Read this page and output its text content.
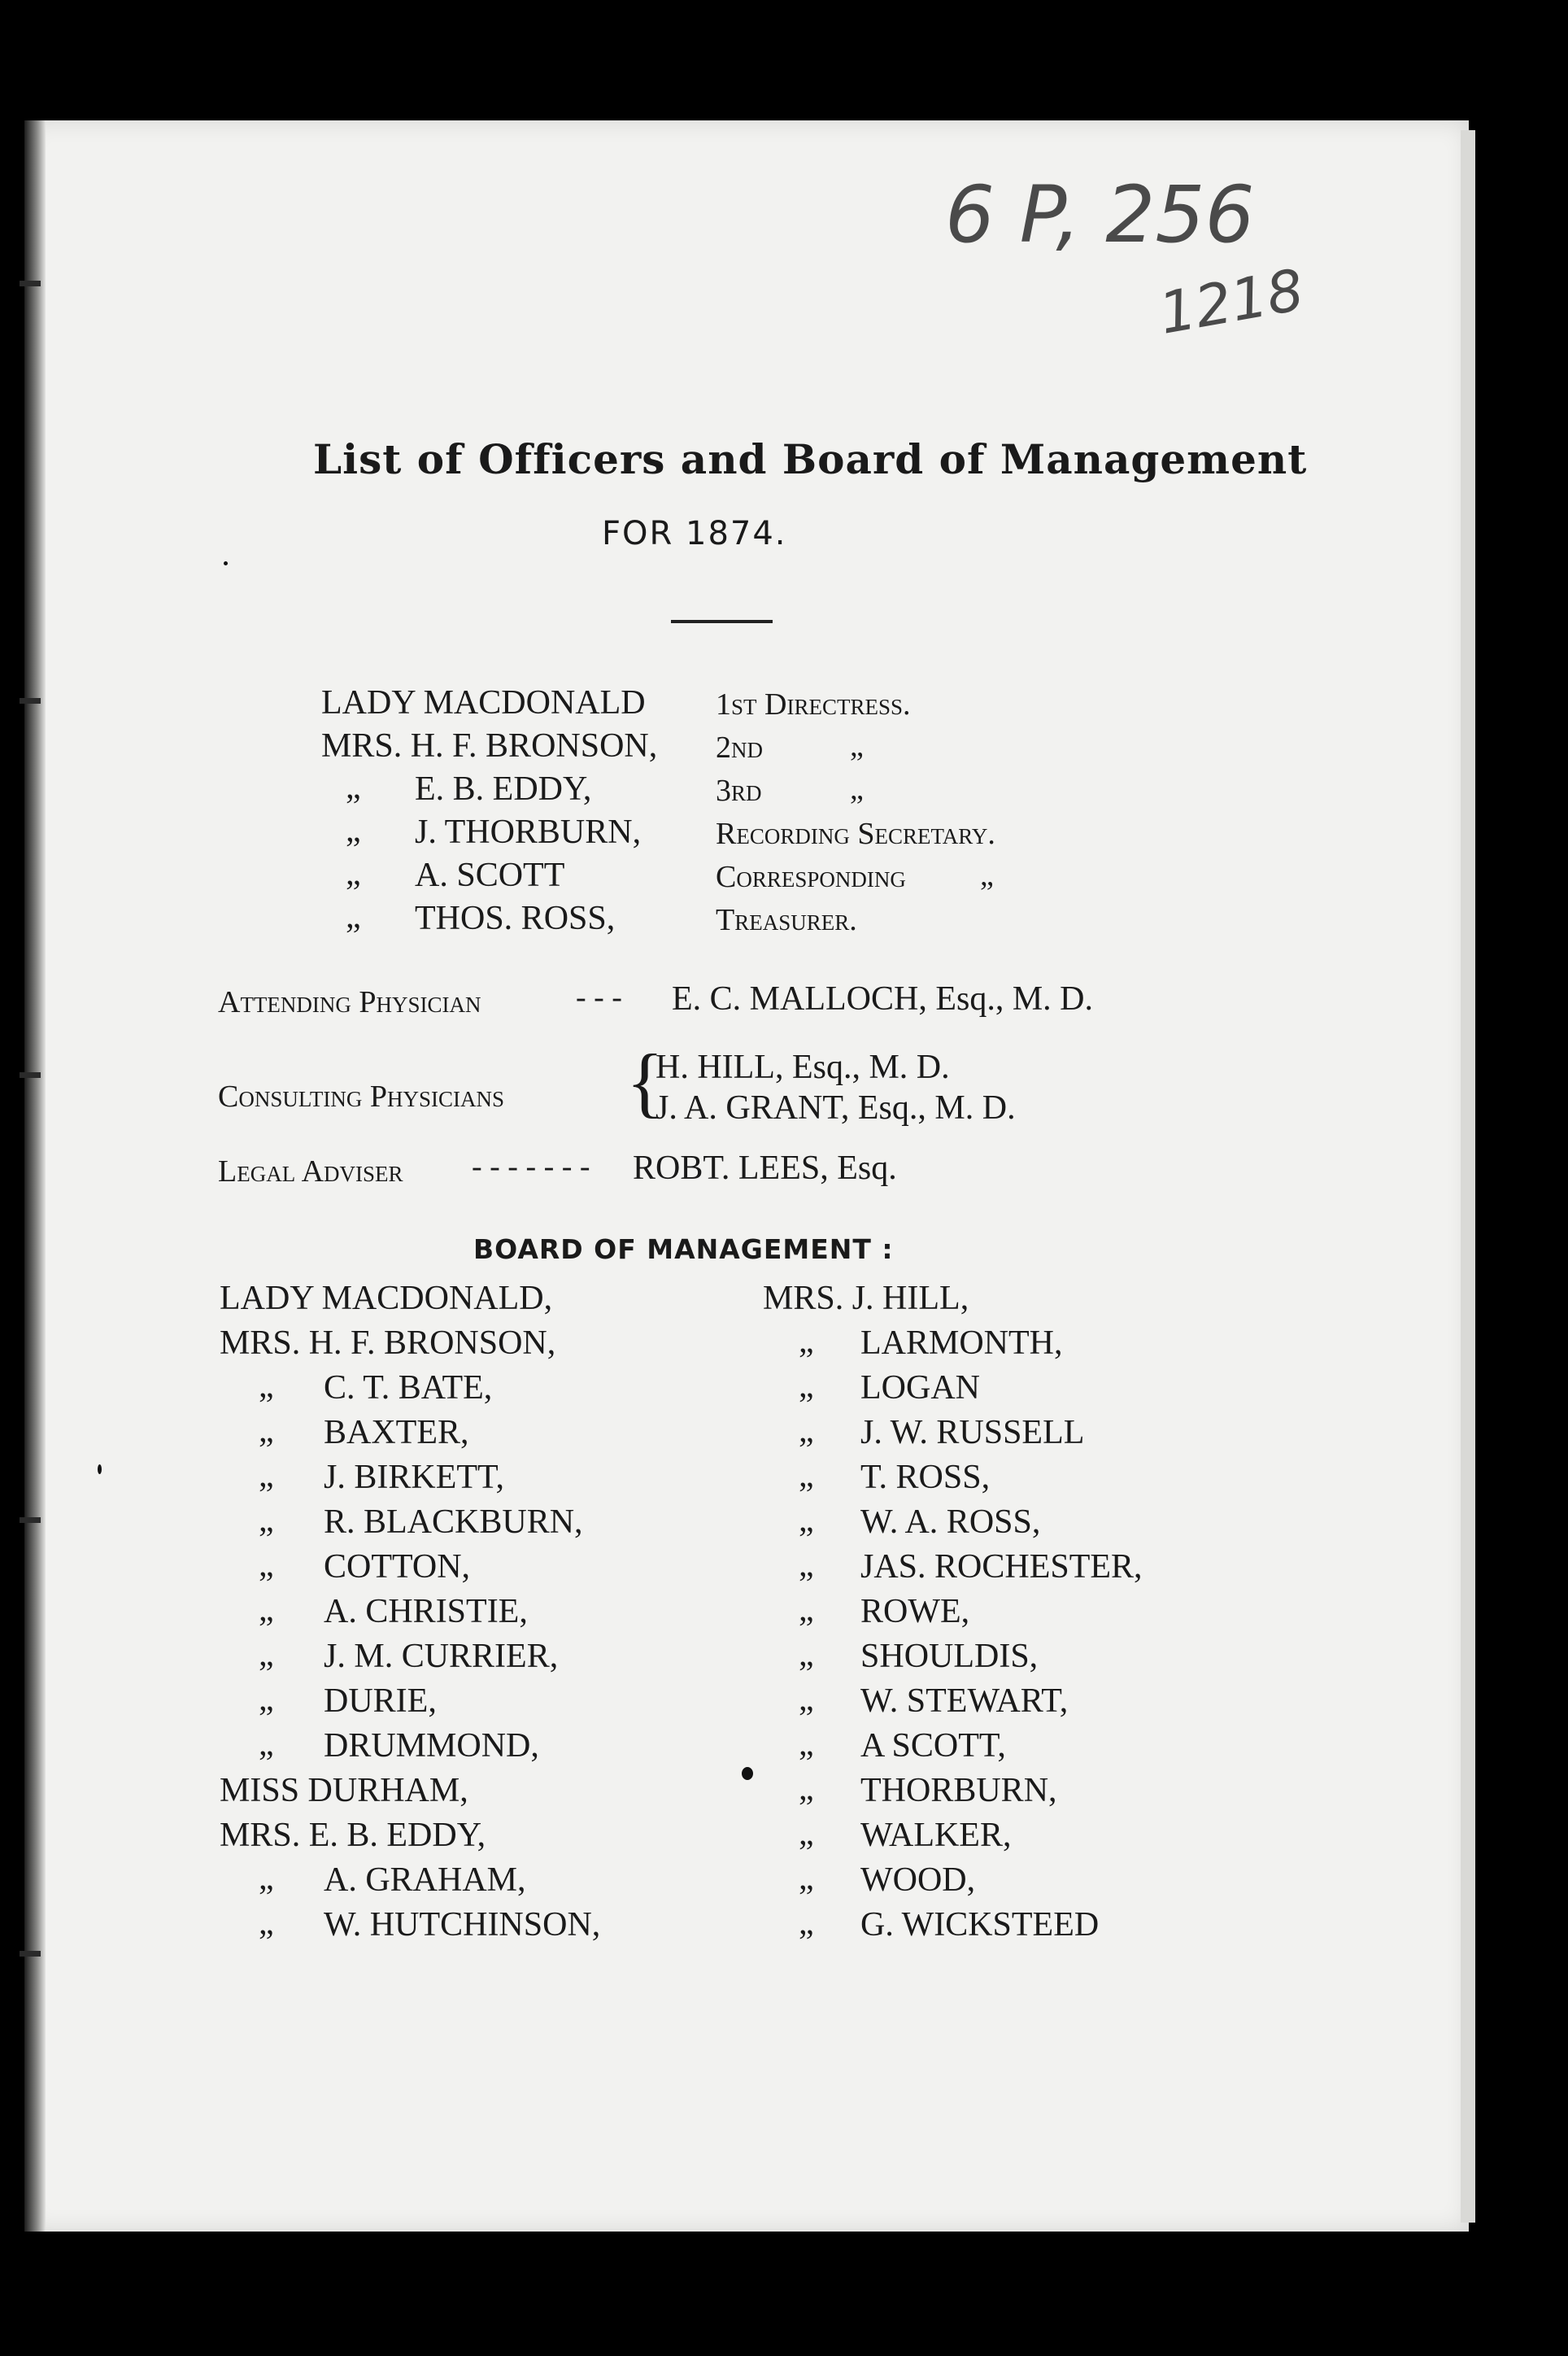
6 P, 256
1218
List of Officers and Board of Management
FOR 1874.
LADY MACDONALD 1st Directress.
MRS. H. F. BRONSON, 2nd	„
„ E. B. EDDY,	3rd	„
„ J. THORBURN, Recording Secretary.
„ A. SCOTT	Corresponding „
„ THOS. ROSS,	Treasurer.
Attending Physician	- - - E. C. MALLOCH, Esq., M. D.
Consulting Physicians {
H. HILL, Esq., M. D.
J. A. GRANT, Esq., M. D.
Legal Adviser - - - - - - - ROBT. LEES, Esq.
BOARD OF MANAGEMENT :
LADY MACDONALD,
MRS. H. F. BRONSON,
„ C. T. BATE,
„ BAXTER,
„ J. BIRKETT,
„ R. BLACKBURN,
„ COTTON,
„ A. CHRISTIE,
„ J. M. CURRIER,
„ DURIE,
„ DRUMMOND,
MISS DURHAM,
MRS. E. B. EDDY,
„ A. GRAHAM,
„ W. HUTCHINSON,
MRS. J. HILL,
„ LARMONTH,
„ LOGAN
„ J. W. RUSSELL
„ T. ROSS,
„ W. A. ROSS,
„ JAS. ROCHESTER,
„ ROWE,
„ SHOULDIS,
„ W. STEWART,
„ A SCOTT,
„ THORBURN,
„ WALKER,
„ WOOD,
„ G. WICKSTEED
